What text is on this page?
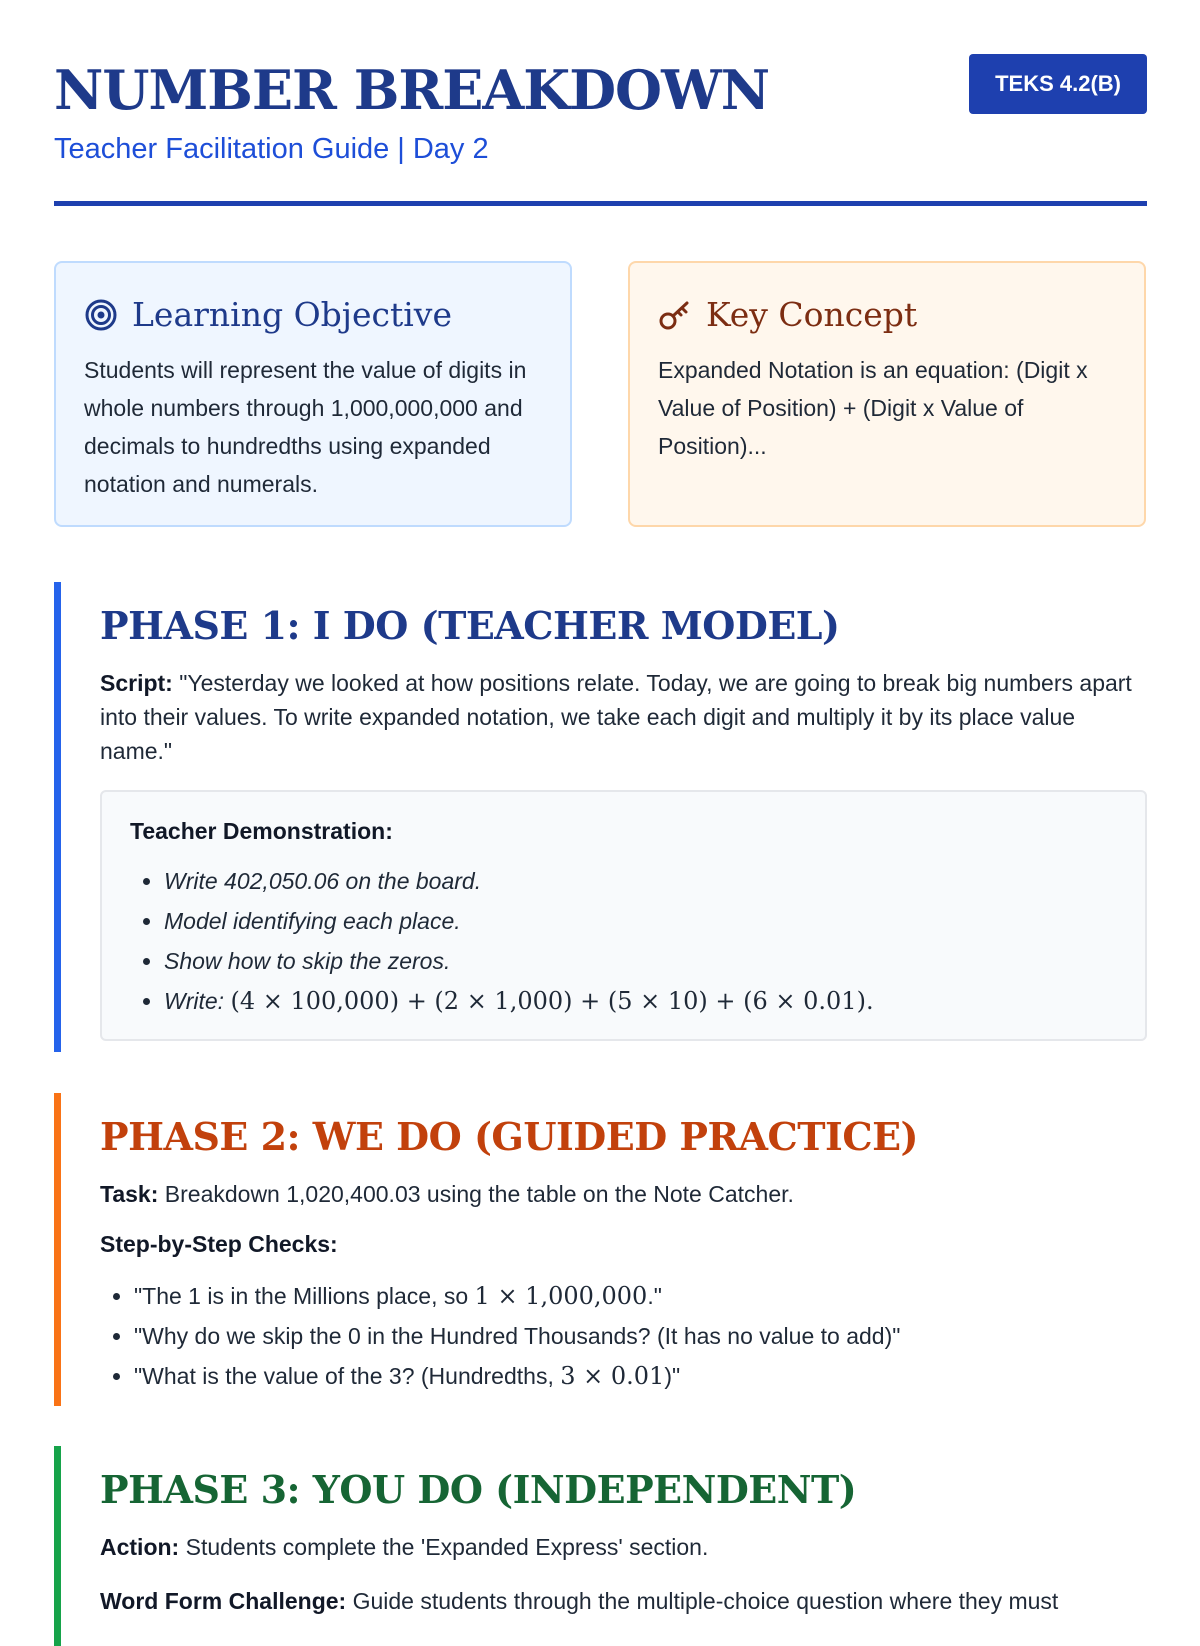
NUMBER BREAKDOWN
Teacher Facilitation Guide | Day 2
TEKS 4.2(B)
Learning Objective
Students will represent the value of digits in whole numbers through 1,000,000,000 and decimals to hundredths using expanded notation and numerals.
Key Concept
Expanded Notation is an equation: (Digit x Value of Position) + (Digit x Value of Position)...
PHASE 1: I DO (TEACHER MODEL)

Script: "Yesterday we looked at how positions relate. Today, we are going to break big numbers apart into their values. To write expanded notation, we take each digit and multiply it by its place value name."

Teacher Demonstration:
• Write 402,050.06 on the board.
• Model identifying each place.
• Show how to skip the zeros.
• Write: (4 × 100,000) + (2 × 1,000) + (5 × 10) + (6 × 0.01).
PHASE 2: WE DO (GUIDED PRACTICE)

Task: Breakdown 1,020,400.03 using the table on the Note Catcher.

Step-by-Step Checks:

• "The 1 is in the Millions place, so 1 × 1,000,000."
• "Why do we skip the 0 in the Hundred Thousands? (It has no value to add)"
• "What is the value of the 3? (Hundredths, 3 × 0.01)"
PHASE 3: YOU DO (INDEPENDENT)

Action: Students complete the 'Expanded Express' section.

Word Form Challenge: Guide students through the multiple-choice question where they must
